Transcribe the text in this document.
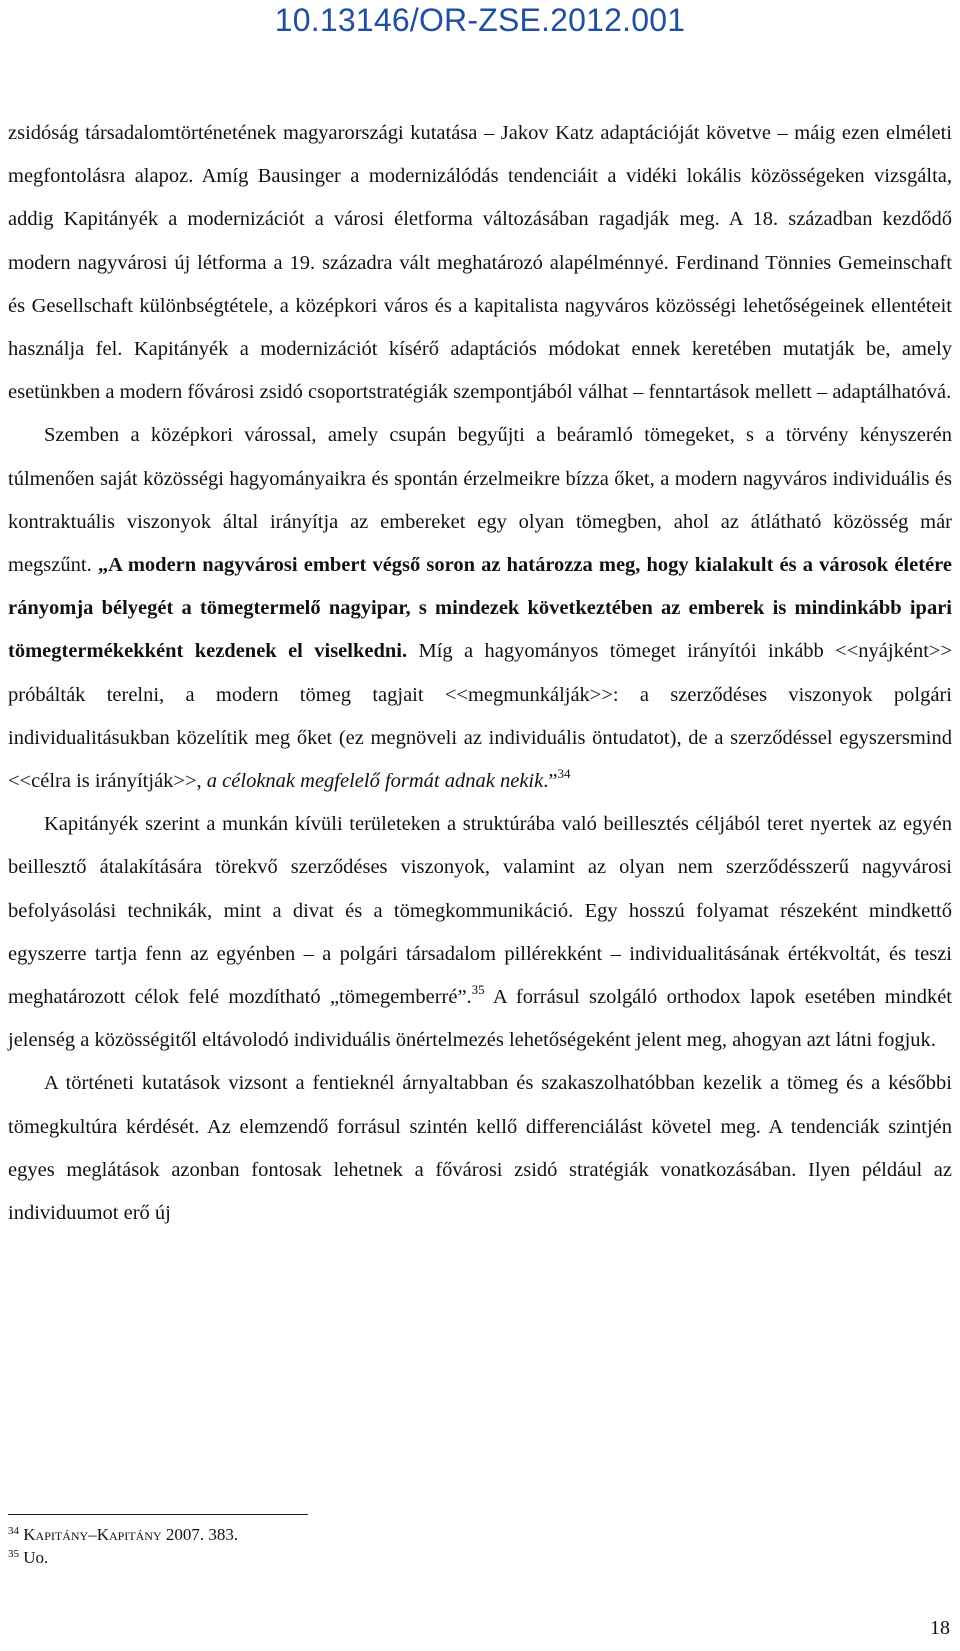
10.13146/OR-ZSE.2012.001

zsidóság társadalomtörténetének magyarországi kutatása – Jakov Katz adaptációját követve – máig ezen elméleti megfontolásra alapoz. Amíg Bausinger a modernizálódás tendenciáit a vidéki lokális közösségeken vizsgálta, addig Kapitányék a modernizációt a városi életforma változásában ragadják meg. A 18. században kezdődő modern nagyvárosi új létforma a 19. századra vált meghatározó alapélménnyé. Ferdinand Tönnies Gemeinschaft és Gesellschaft különbségtétele, a középkori város és a kapitalista nagyváros közösségi lehetőségeinek ellentéteit használja fel. Kapitányék a modernizációt kísérő adaptációs módokat ennek keretében mutatják be, amely esetünkben a modern fővárosi zsidó csoportstratégiák szempontjából válhat – fenntartások mellett – adaptálhatóvá.

Szemben a középkori várossal, amely csupán begyűjti a beáramló tömegeket, s a törvény kényszerén túlmenően saját közösségi hagyományaikra és spontán érzelmeikre bízza őket, a modern nagyváros individuális és kontraktuális viszonyok által irányítja az embereket egy olyan tömegben, ahol az átlátható közösség már megszűnt. „A modern nagyvárosi embert végső soron az határozza meg, hogy kialakult és a városok életére rányomja bélyegét a tömegtermelő nagyipar, s mindezek következtében az emberek is mindinkább ipari tömegtermékekként kezdenek el viselkedni. Míg a hagyományos tömeget irányítói inkább <<nyájként>> próbálták terelni, a modern tömeg tagjait <<megmunkálják>>: a szerződéses viszonyok polgári individualitásukban közelítik meg őket (ez megnöveli az individuális öntudatot), de a szerződéssel egyszersmind <<célra is irányítják>>, a céloknak megfelelő formát adnak nekik.”$^{34}$

Kapitányék szerint a munkán kívüli területeken a struktúrába való beillesztés céljából teret nyertek az egyén beillesztő átalakítására törekvő szerződéses viszonyok, valamint az olyan nem szerződésszerű nagyvárosi befolyásolási technikák, mint a divat és a tömegkommunikáció. Egy hosszú folyamat részeként mindkettő egyszerre tartja fenn az egyénben – a polgári társadalom pillérekként – individualitásának értékvoltát, és teszi meghatározott célok felé mozdítható „tömegemberré”.$^{35}$ A forrásul szolgáló orthodox lapok esetében mindkét jelenség a közösségitől eltávolodó individuális önértelmezés lehetőségeként jelent meg, ahogyan azt látni fogjuk.

A történeti kutatások vizsont a fentieknél árnyaltabban és szakaszolhatóbban kezelik a tömeg és a későbbi tömegkultúra kérdését. Az elemzendő forrásul szintén kellő differenciálást követel meg. A tendenciák szintjén egyes meglátások azonban fontosak lehetnek a fővárosi zsidó stratégiák vonatkozásában. Ilyen például az individuumot erő új

$^{34}$ Kapitány–Kapitány 2007. 383.
$^{35}$ Uo.
18
